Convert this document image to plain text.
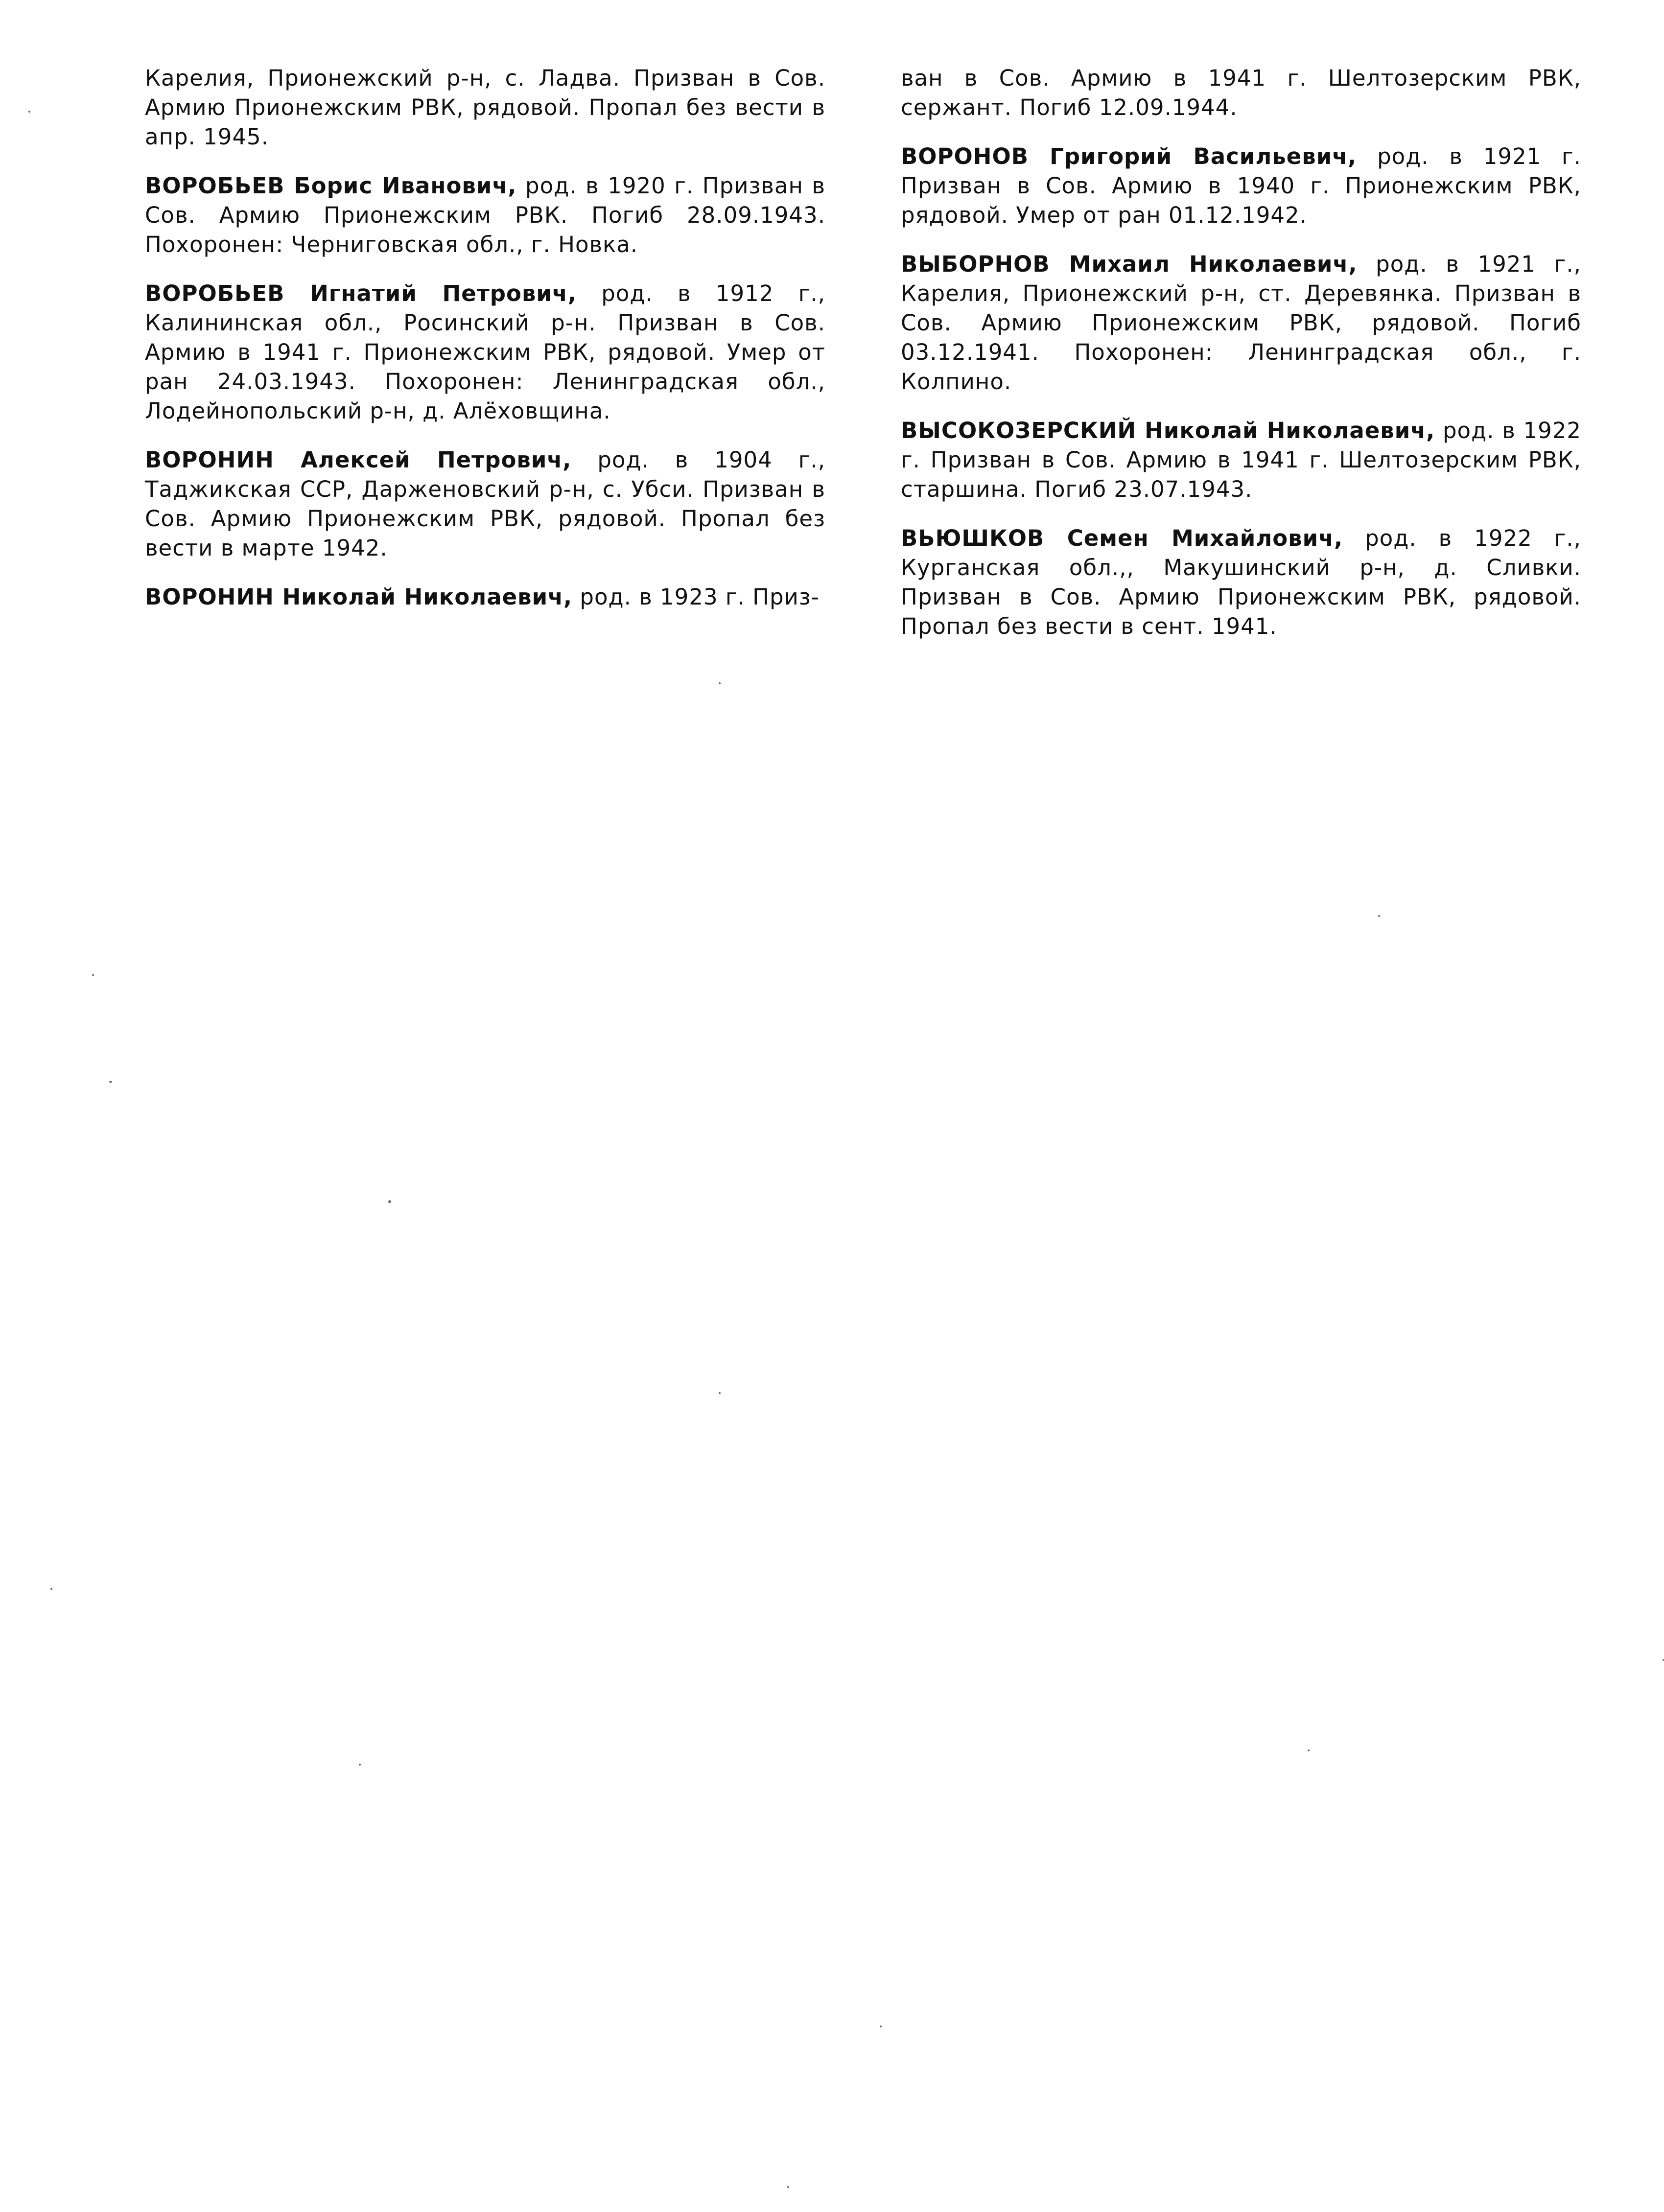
Карелия, Прионежский р-н, с. Ладва. Призван в Сов. Армию Прионежским РВК, рядовой. Пропал без вести в апр. 1945.

ВОРОБЬЕВ Борис Иванович, род. в 1920 г. Призван в Сов. Армию Прионежским РВК. Погиб 28.09.1943. Похоронен: Черниговская обл., г. Новка.

ВОРОБЬЕВ Игнатий Петрович, род. в 1912 г., Калининская обл., Росинский р-н. Призван в Сов. Армию в 1941 г. Прионежским РВК, рядовой. Умер от ран 24.03.1943. Похоронен: Ленинградская обл., Лодейнопольский р-н, д. Алёховщина.

ВОРОНИН Алексей Петрович, род. в 1904 г., Таджикская ССР, Дарженовский р-н, с. Убси. Призван в Сов. Армию Прионежским РВК, рядовой. Пропал без вести в марте 1942.

ВОРОНИН Николай Николаевич, род. в 1923 г. Приз-

ван в Сов. Армию в 1941 г. Шелтозерским РВК, сержант. Погиб 12.09.1944.

ВОРОНОВ Григорий Васильевич, род. в 1921 г. Призван в Сов. Армию в 1940 г. Прионежским РВК, рядовой. Умер от ран 01.12.1942.

ВЫБОРНОВ Михаил Николаевич, род. в 1921 г., Карелия, Прионежский р-н, ст. Деревянка. Призван в Сов. Армию Прионежским РВК, рядовой. Погиб 03.12.1941. Похоронен: Ленинградская обл., г. Колпино.

ВЫСОКОЗЕРСКИЙ Николай Николаевич, род. в 1922 г. Призван в Сов. Армию в 1941 г. Шелтозерским РВК, старшина. Погиб 23.07.1943.

ВЬЮШКОВ Семен Михайлович, род. в 1922 г., Курганская обл.,, Макушинский р-н, д. Сливки. Призван в Сов. Армию Прионежским РВК, рядовой. Пропал без вести в сент. 1941.
